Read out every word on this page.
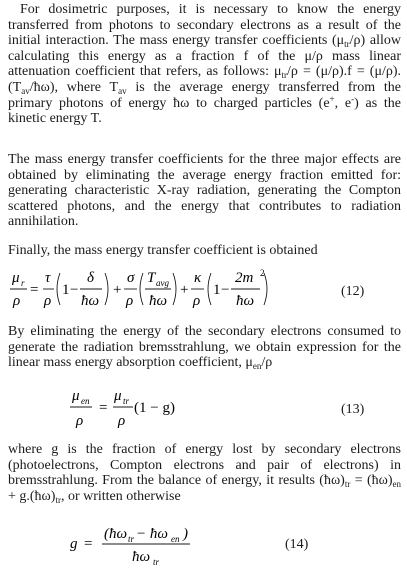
For dosimetric purposes, it is necessary to know the energy transferred from photons to secondary electrons as a result of the initial interaction. The mass energy transfer coefficients $(\mu_{tr}/\rho)$ allow calculating this energy as a fraction f of the μ/ρ mass linear attenuation coefficient that refers, as follows: $\mu_{tr}/\rho = (\mu/\rho).f$ = $(\mu/\rho).(T_{av}/ħ\omega)$, where $T_{av}$ is the average energy transferred from the primary photons of energy ħω to charged particles (e+, e-) as the kinetic energy T.

The mass energy transfer coefficients for the three major effects are obtained by eliminating the average energy fraction emitted for: generating characteristic X-ray radiation, generating the Compton scattered photons, and the energy that contributes to radiation annihilation.

Finally, the mass energy transfer coefficient is obtained

μ r
ρ
=
τ
ρ
1 −
δ
ħω
+
σ
ρ
T avg
ħω
+
κ
ρ
1 −
2m 2
ħω
(12)

By eliminating the energy of the secondary electrons consumed to generate the radiation bremsstrahlung, we obtain expression for the linear mass energy absorption coefficient, $\mu_{en}/\rho$

μ en
ρ
=
μ tr
ρ
(1 − g)	(13)

where g is the fraction of energy lost by secondary electrons (photoelectrons, Compton electrons and pair of electrons) in bremsstrahlung. From the balance of energy, it results $(ħ\omega)_{tr}$ = $(ħ\omega)_{en}$ + $g.(ħ\omega)_{tr}$, or written otherwise

g =
(ħω tr − ħω en )
ħω tr
(14)
